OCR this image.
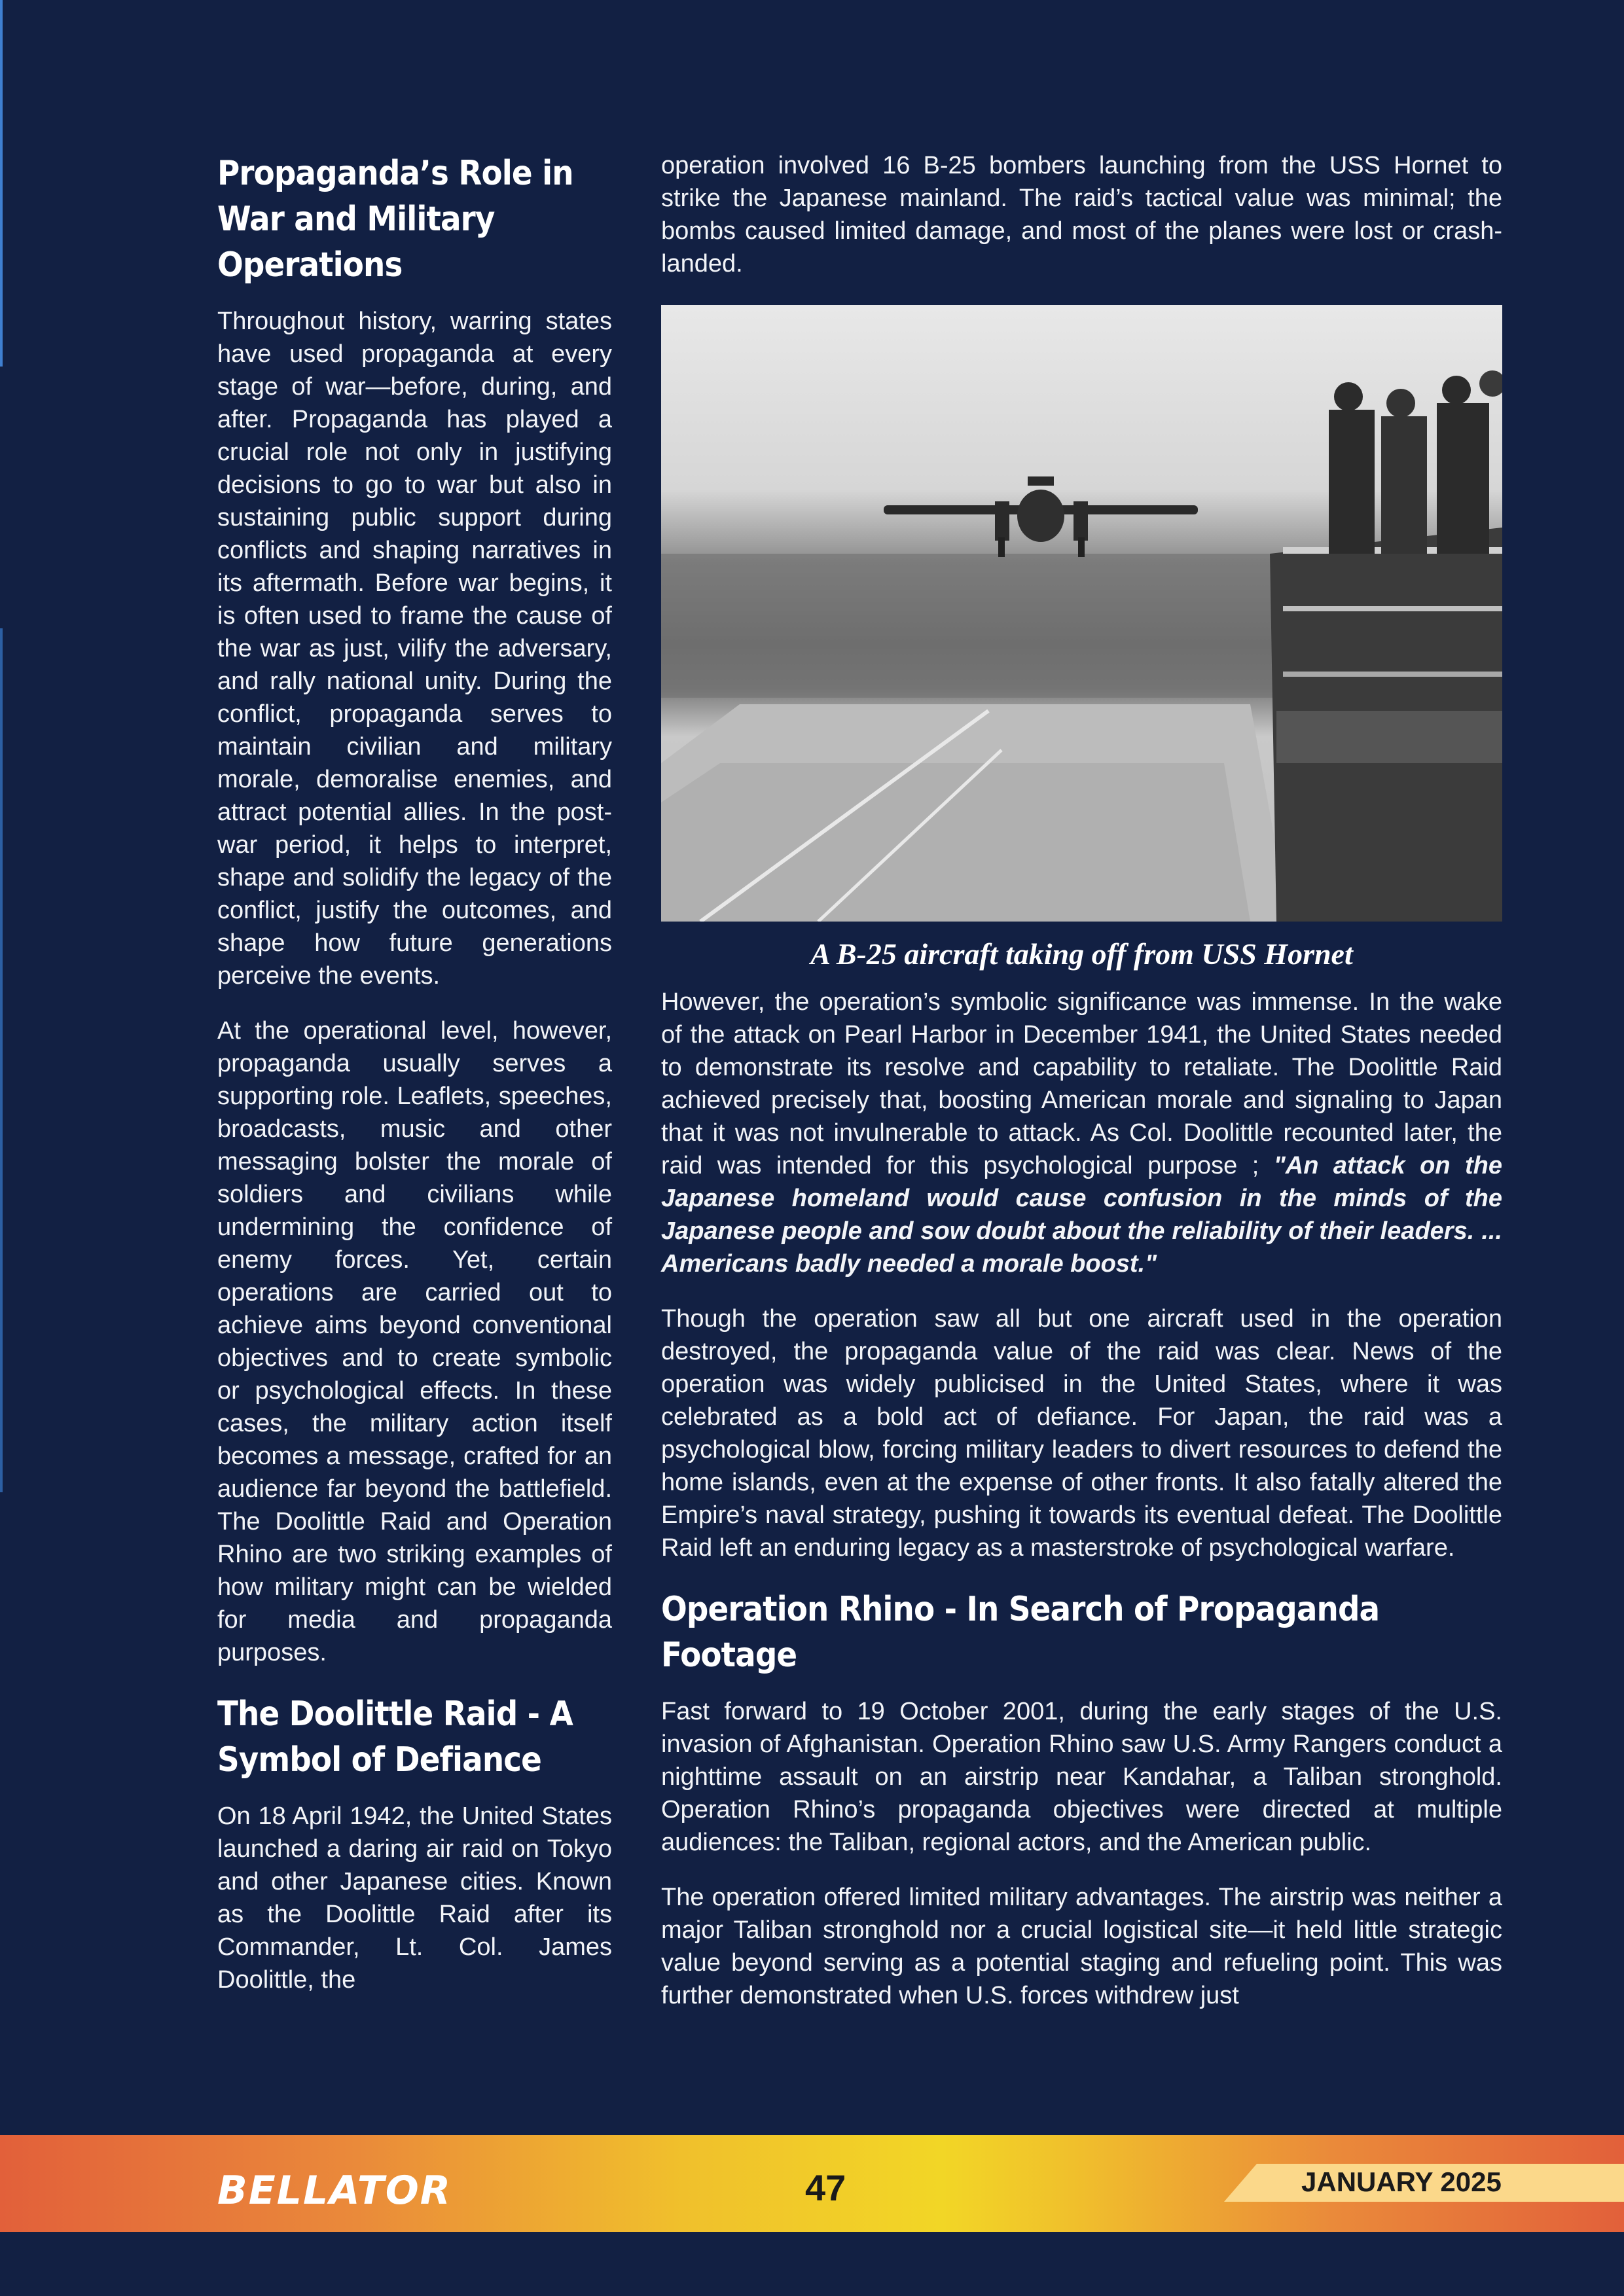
Propaganda’s Role in War and Military Operations

Throughout history, warring states have used propaganda at every stage of war—before, during, and after. Propaganda has played a crucial role not only in justifying decisions to go to war but also in sustaining public support during conflicts and shaping narratives in its aftermath. Before war begins, it is often used to frame the cause of the war as just, vilify the adversary, and rally national unity. During the conflict, propaganda serves to maintain civilian and military morale, demoralise enemies, and attract potential allies. In the post-war period, it helps to interpret, shape and solidify the legacy of the conflict, justify the outcomes, and shape how future generations perceive the events.

At the operational level, however, propaganda usually serves a supporting role. Leaflets, speeches, broadcasts, music and other messaging bolster the morale of soldiers and civilians while undermining the confidence of enemy forces. Yet, certain operations are carried out to achieve aims beyond conventional objectives and to create symbolic or psychological effects. In these cases, the military action itself becomes a message, crafted for an audience far beyond the battlefield. The Doolittle Raid and Operation Rhino are two striking examples of how military might can be wielded for media and propaganda purposes.

The Doolittle Raid - A Symbol of Defiance

On 18 April 1942, the United States launched a daring air raid on Tokyo and other Japanese cities. Known as the Doolittle Raid after its Commander, Lt. Col. James Doolittle, the

operation involved 16 B-25 bombers launching from the USS Hornet to strike the Japanese mainland. The raid’s tactical value was minimal; the bombs caused limited damage, and most of the planes were lost or crash-landed.

A B-25 aircraft taking off from USS Hornet

However, the operation’s symbolic significance was immense. In the wake of the attack on Pearl Harbor in December 1941, the United States needed to demonstrate its resolve and capability to retaliate. The Doolittle Raid achieved precisely that, boosting American morale and signaling to Japan that it was not invulnerable to attack. As Col. Doolittle recounted later, the raid was intended for this psychological purpose ; "An attack on the Japanese homeland would cause confusion in the minds of the Japanese people and sow doubt about the reliability of their leaders. ... Americans badly needed a morale boost."

Though the operation saw all but one aircraft used in the operation destroyed, the propaganda value of the raid was clear. News of the operation was widely publicised in the United States, where it was celebrated as a bold act of defiance. For Japan, the raid was a psychological blow, forcing military leaders to divert resources to defend the home islands, even at the expense of other fronts. It also fatally altered the Empire’s naval strategy, pushing it towards its eventual defeat. The Doolittle Raid left an enduring legacy as a masterstroke of psychological warfare.

Operation Rhino - In Search of Propaganda Footage

Fast forward to 19 October 2001, during the early stages of the U.S. invasion of Afghanistan. Operation Rhino saw U.S. Army Rangers conduct a nighttime assault on an airstrip near Kandahar, a Taliban stronghold. Operation Rhino’s propaganda objectives were directed at multiple audiences: the Taliban, regional actors, and the American public.

The operation offered limited military advantages. The airstrip was neither a major Taliban stronghold nor a crucial logistical site—it held little strategic value beyond serving as a potential staging and refueling point. This was further demonstrated when U.S. forces withdrew just

BELLATOR	47	JANUARY 2025
